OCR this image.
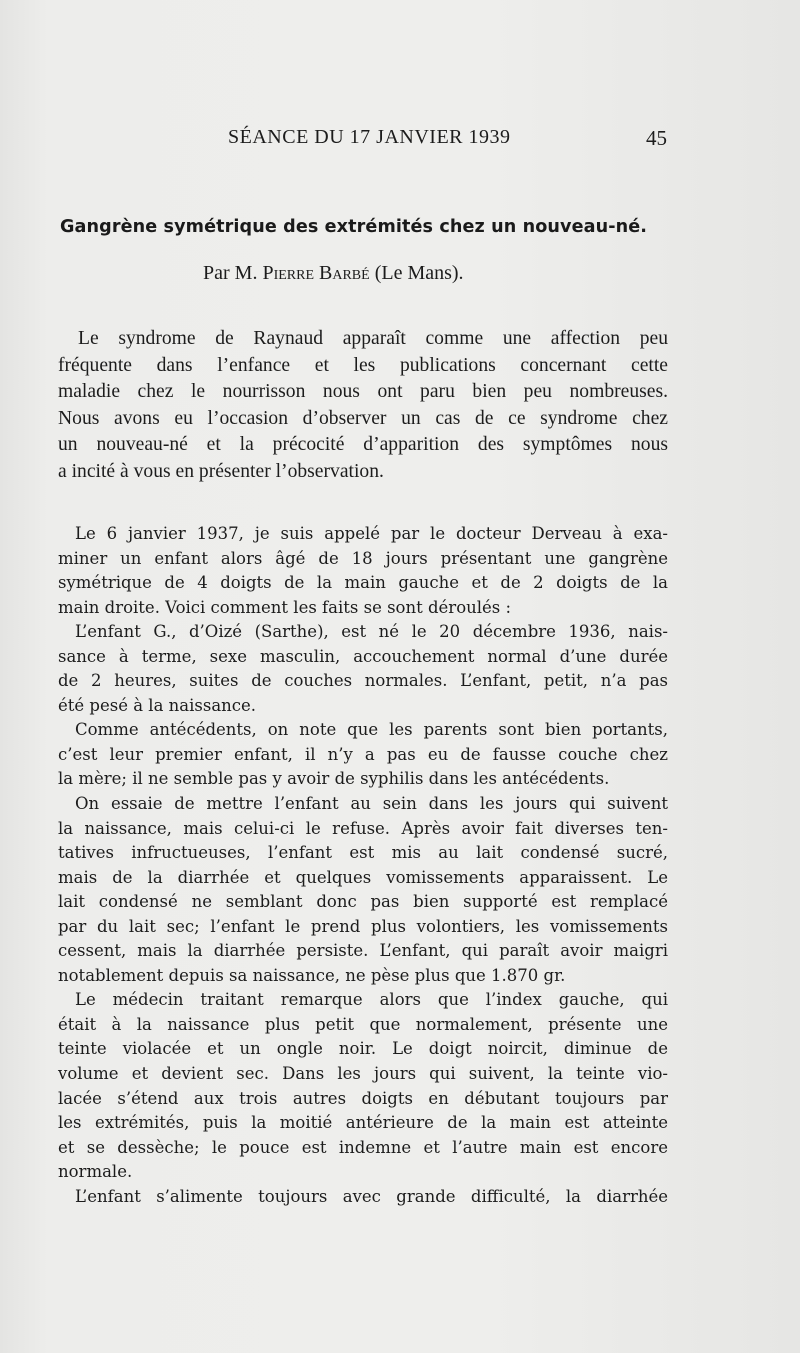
SÉANCE DU 17 JANVIER 1939	45
Gangrène symétrique des extrémités chez un nouveau-né.
Par M. Pierre Barbé (Le Mans).
Le syndrome de Raynaud apparaît comme une affection peu
fréquente dans l’enfance et les publications concernant cette
maladie chez le nourrisson nous ont paru bien peu nombreuses.
Nous avons eu l’occasion d’observer un cas de ce syndrome chez
un nouveau-né et la précocité d’apparition des symptômes nous
a incité à vous en présenter l’observation.
Le 6 janvier 1937, je suis appelé par le docteur Derveau à exa-
miner un enfant alors âgé de 18 jours présentant une gangrène
symétrique de 4 doigts de la main gauche et de 2 doigts de la
main droite. Voici comment les faits se sont déroulés :
L’enfant G., d’Oizé (Sarthe), est né le 20 décembre 1936, nais-
sance à terme, sexe masculin, accouchement normal d’une durée
de 2 heures, suites de couches normales. L’enfant, petit, n’a pas
été pesé à la naissance.
Comme antécédents, on note que les parents sont bien portants,
c’est leur premier enfant, il n’y a pas eu de fausse couche chez
la mère; il ne semble pas y avoir de syphilis dans les antécédents.
On essaie de mettre l’enfant au sein dans les jours qui suivent
la naissance, mais celui-ci le refuse. Après avoir fait diverses ten-
tatives infructueuses, l’enfant est mis au lait condensé sucré,
mais de la diarrhée et quelques vomissements apparaissent. Le
lait condensé ne semblant donc pas bien supporté est remplacé
par du lait sec; l’enfant le prend plus volontiers, les vomissements
cessent, mais la diarrhée persiste. L’enfant, qui paraît avoir maigri
notablement depuis sa naissance, ne pèse plus que 1.870 gr.
Le médecin traitant remarque alors que l’index gauche, qui
était à la naissance plus petit que normalement, présente une
teinte violacée et un ongle noir. Le doigt noircit, diminue de
volume et devient sec. Dans les jours qui suivent, la teinte vio-
lacée s’étend aux trois autres doigts en débutant toujours par
les extrémités, puis la moitié antérieure de la main est atteinte
et se dessèche; le pouce est indemne et l’autre main est encore
normale.
L’enfant s’alimente toujours avec grande difficulté, la diarrhée
